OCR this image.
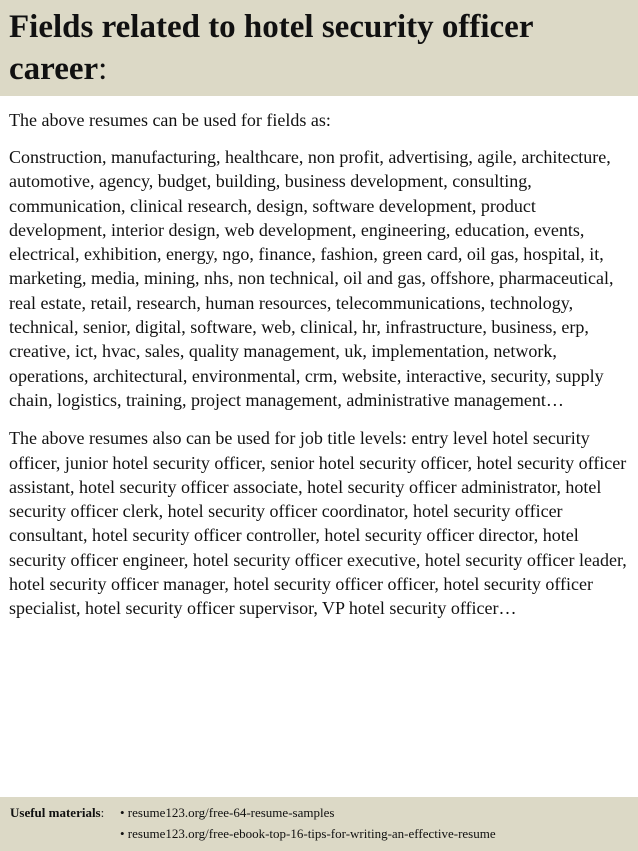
Fields related to hotel security officer career:

The above resumes can be used for fields as:

Construction, manufacturing, healthcare, non profit, advertising, agile, architecture, automotive, agency, budget, building, business development, consulting, communication, clinical research, design, software development, product development, interior design, web development, engineering, education, events, electrical, exhibition, energy, ngo, finance, fashion, green card, oil gas, hospital, it, marketing, media, mining, nhs, non technical, oil and gas, offshore, pharmaceutical, real estate, retail, research, human resources, telecommunications, technology, technical, senior, digital, software, web, clinical, hr, infrastructure, business, erp, creative, ict, hvac, sales, quality management, uk, implementation, network, operations, architectural, environmental, crm, website, interactive, security, supply chain, logistics, training, project management, administrative management…

The above resumes also can be used for job title levels: entry level hotel security officer, junior hotel security officer, senior hotel security officer, hotel security officer assistant, hotel security officer associate, hotel security officer administrator, hotel security officer clerk, hotel security officer coordinator, hotel security officer consultant, hotel security officer controller, hotel security officer director, hotel security officer engineer, hotel security officer executive, hotel security officer leader, hotel security officer manager, hotel security officer officer, hotel security officer specialist, hotel security officer supervisor, VP hotel security officer…

Useful materials: • resume123.org/free-64-resume-samples
• resume123.org/free-ebook-top-16-tips-for-writing-an-effective-resume
